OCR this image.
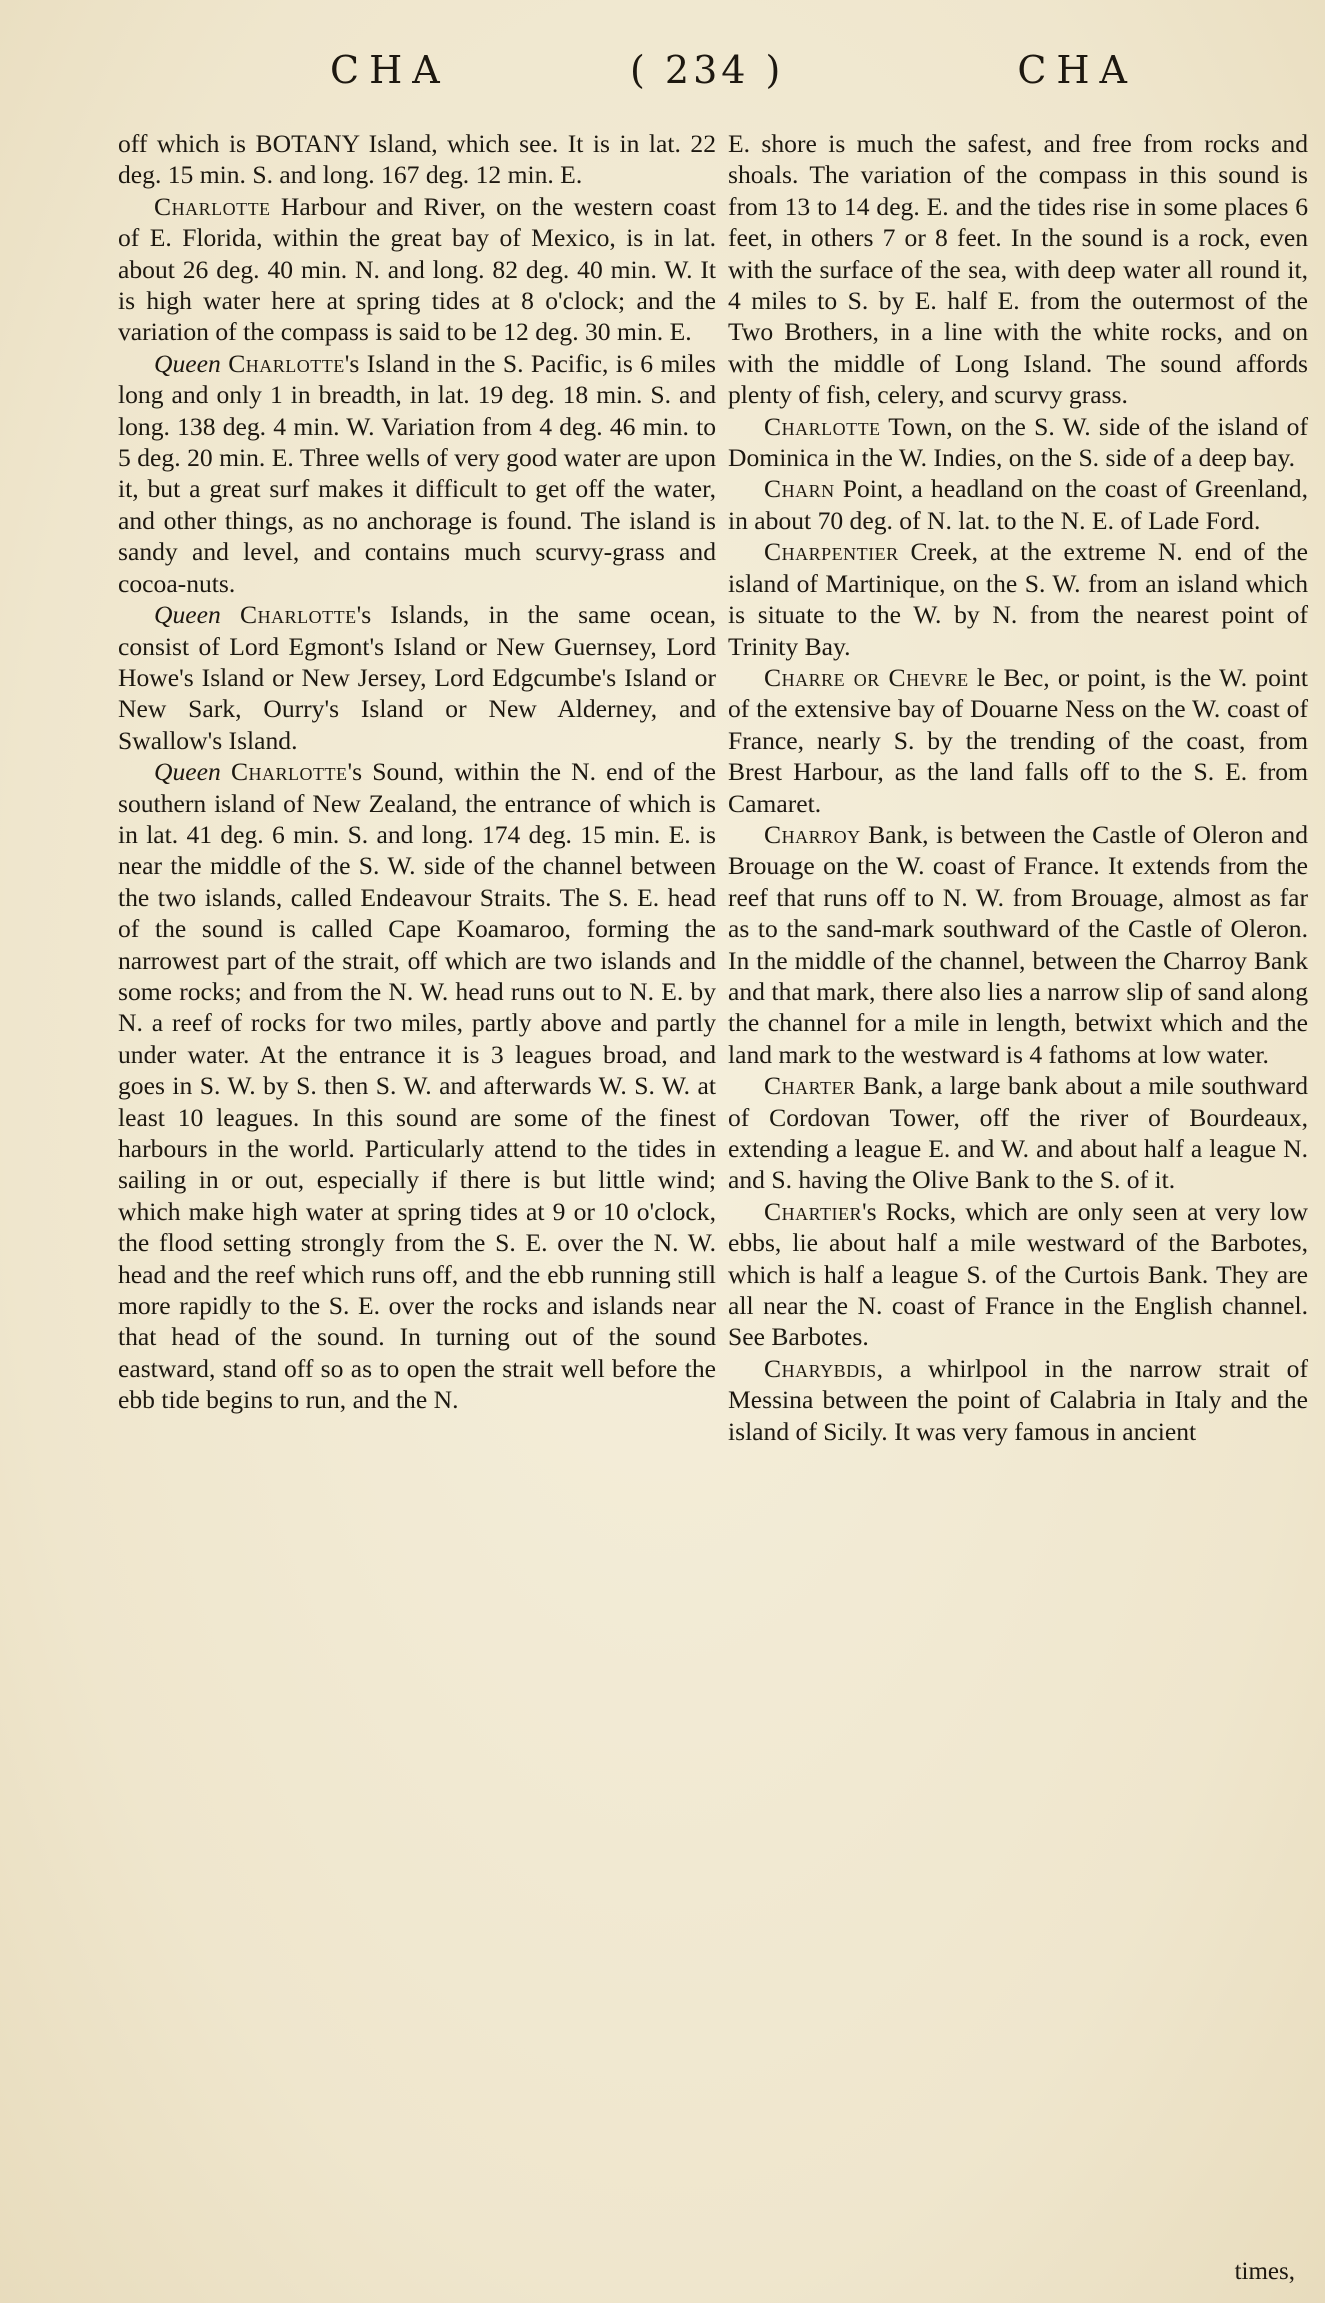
CHA	( 234 )	CHA

off which is BOTANY Island, which see. It is in lat. 22 deg. 15 min. S. and long. 167 deg. 12 min. E.

Charlotte Harbour and River, on the western coast of E. Florida, within the great bay of Mexico, is in lat. about 26 deg. 40 min. N. and long. 82 deg. 40 min. W. It is high water here at spring tides at 8 o'clock; and the variation of the compass is said to be 12 deg. 30 min. E.

Queen Charlotte's Island in the S. Pacific, is 6 miles long and only 1 in breadth, in lat. 19 deg. 18 min. S. and long. 138 deg. 4 min. W. Variation from 4 deg. 46 min. to 5 deg. 20 min. E. Three wells of very good water are upon it, but a great surf makes it difficult to get off the water, and other things, as no anchorage is found. The island is sandy and level, and contains much scurvy-grass and cocoa-nuts.

Queen Charlotte's Islands, in the same ocean, consist of Lord Egmont's Island or New Guernsey, Lord Howe's Island or New Jersey, Lord Edgcumbe's Island or New Sark, Ourry's Island or New Alderney, and Swallow's Island.

Queen Charlotte's Sound, within the N. end of the southern island of New Zealand, the entrance of which is in lat. 41 deg. 6 min. S. and long. 174 deg. 15 min. E. is near the middle of the S. W. side of the channel between the two islands, called Endeavour Straits. The S. E. head of the sound is called Cape Koamaroo, forming the narrowest part of the strait, off which are two islands and some rocks; and from the N. W. head runs out to N. E. by N. a reef of rocks for two miles, partly above and partly under water. At the entrance it is 3 leagues broad, and goes in S. W. by S. then S. W. and afterwards W. S. W. at least 10 leagues. In this sound are some of the finest harbours in the world. Particularly attend to the tides in sailing in or out, especially if there is but little wind; which make high water at spring tides at 9 or 10 o'clock, the flood setting strongly from the S. E. over the N. W. head and the reef which runs off, and the ebb running still more rapidly to the S. E. over the rocks and islands near that head of the sound. In turning out of the sound eastward, stand off so as to open the strait well before the ebb tide begins to run, and the N.

E. shore is much the safest, and free from rocks and shoals. The variation of the compass in this sound is from 13 to 14 deg. E. and the tides rise in some places 6 feet, in others 7 or 8 feet. In the sound is a rock, even with the surface of the sea, with deep water all round it, 4 miles to S. by E. half E. from the outermost of the Two Brothers, in a line with the white rocks, and on with the middle of Long Island. The sound affords plenty of fish, celery, and scurvy grass.

Charlotte Town, on the S. W. side of the island of Dominica in the W. Indies, on the S. side of a deep bay.

Charn Point, a headland on the coast of Greenland, in about 70 deg. of N. lat. to the N. E. of Lade Ford.

Charpentier Creek, at the extreme N. end of the island of Martinique, on the S. W. from an island which is situate to the W. by N. from the nearest point of Trinity Bay.

Charre or Chevre le Bec, or point, is the W. point of the extensive bay of Douarne Ness on the W. coast of France, nearly S. by the trending of the coast, from Brest Harbour, as the land falls off to the S. E. from Camaret.

Charroy Bank, is between the Castle of Oleron and Brouage on the W. coast of France. It extends from the reef that runs off to N. W. from Brouage, almost as far as to the sand-mark southward of the Castle of Oleron. In the middle of the channel, between the Charroy Bank and that mark, there also lies a narrow slip of sand along the channel for a mile in length, betwixt which and the land mark to the westward is 4 fathoms at low water.

Charter Bank, a large bank about a mile southward of Cordovan Tower, off the river of Bourdeaux, extending a league E. and W. and about half a league N. and S. having the Olive Bank to the S. of it.

Chartier's Rocks, which are only seen at very low ebbs, lie about half a mile westward of the Barbotes, which is half a league S. of the Curtois Bank. They are all near the N. coast of France in the English channel. See Barbotes.

Charybdis, a whirlpool in the narrow strait of Messina between the point of Calabria in Italy and the island of Sicily. It was very famous in ancient

times,
